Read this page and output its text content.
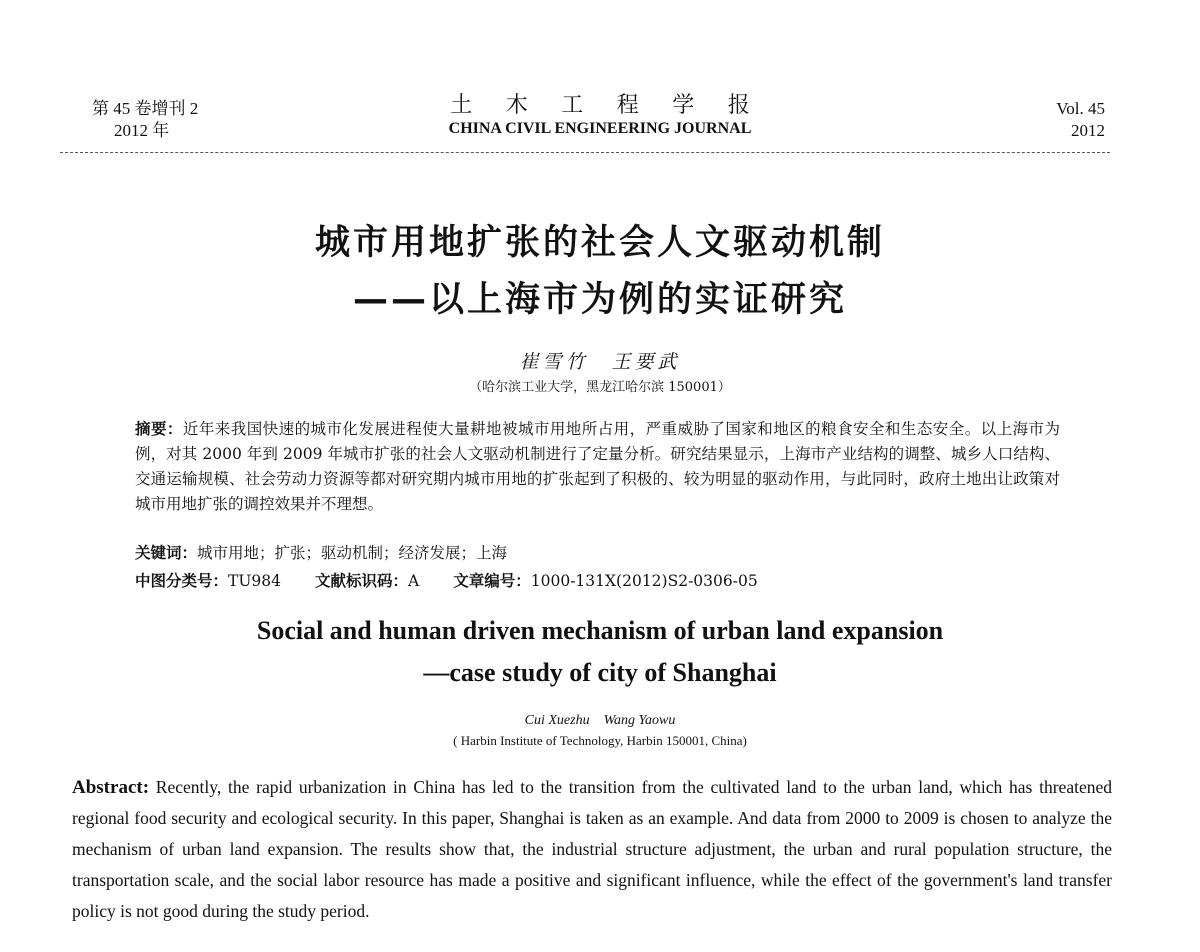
第 45 卷增刊 2
2012 年
土 木 工 程 学 报
CHINA CIVIL ENGINEERING JOURNAL
Vol. 45
2012
城市用地扩张的社会人文驱动机制
——以上海市为例的实证研究
崔雪竹　王要武
（哈尔滨工业大学，黑龙江哈尔滨 150001）
摘要：近年来我国快速的城市化发展进程使大量耕地被城市用地所占用，严重威胁了国家和地区的粮食安全和生态安全。以上海市为例，对其 2000 年到 2009 年城市扩张的社会人文驱动机制进行了定量分析。研究结果显示，上海市产业结构的调整、城乡人口结构、交通运输规模、社会劳动力资源等都对研究期内城市用地的扩张起到了积极的、较为明显的驱动作用，与此同时，政府土地出让政策对城市用地扩张的调控效果并不理想。
关键词：城市用地；扩张；驱动机制；经济发展；上海
中图分类号：TU984 文献标识码：A 文章编号：1000-131X(2012)S2-0306-05
Social and human driven mechanism of urban land expansion
—case study of city of Shanghai
Cui Xuezhu　Wang Yaowu
( Harbin Institute of Technology, Harbin 150001, China)
Abstract: Recently, the rapid urbanization in China has led to the transition from the cultivated land to the urban land, which has threatened regional food security and ecological security. In this paper, Shanghai is taken as an example. And data from 2000 to 2009 is chosen to analyze the mechanism of urban land expansion. The results show that, the industrial structure adjustment, the urban and rural population structure, the transportation scale, and the social labor resource has made a positive and significant influence, while the effect of the government's land transfer policy is not good during the study period.
